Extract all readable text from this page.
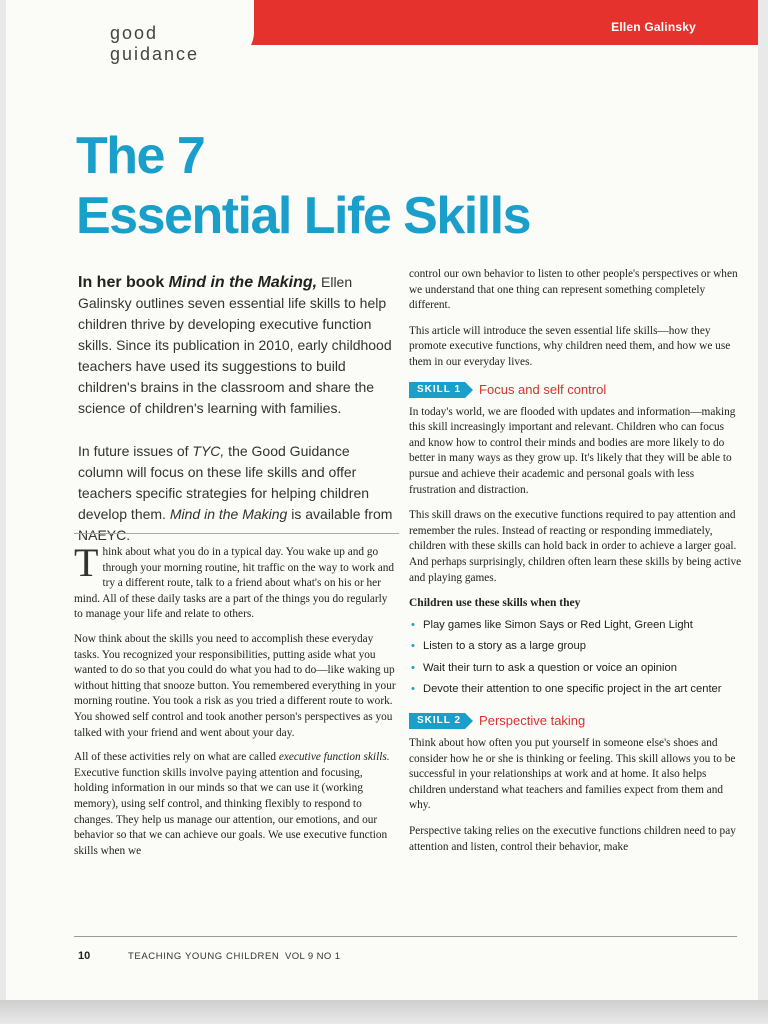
good guidance
Ellen Galinsky
The 7
Essential Life Skills
In her book Mind in the Making, Ellen Galinsky outlines seven essential life skills to help children thrive by developing executive function skills. Since its publication in 2010, early childhood teachers have used its suggestions to build children's brains in the classroom and share the science of children's learning with families.
In future issues of TYC, the Good Guidance column will focus on these life skills and offer teachers specific strategies for helping children develop them. Mind in the Making is available from NAEYC.

Think about what you do in a typical day. You wake up and go through your morning routine, hit traffic on the way to work and try a different route, talk to a friend about what's on his or her mind. All of these daily tasks are a part of the things you do regularly to manage your life and relate to others.

Now think about the skills you need to accomplish these everyday tasks. You recognized your responsibilities, putting aside what you wanted to do so that you could do what you had to do—like waking up without hitting that snooze button. You remembered everything in your morning routine. You took a risk as you tried a different route to work. You showed self control and took another person's perspectives as you talked with your friend and went about your day.

All of these activities rely on what are called executive function skills. Executive function skills involve paying attention and focusing, holding information in our minds so that we can use it (working memory), using self control, and thinking flexibly to respond to changes. They help us manage our attention, our emotions, and our behavior so that we can achieve our goals. We use executive function skills when we

control our own behavior to listen to other people's perspectives or when we understand that one thing can represent something completely different.

This article will introduce the seven essential life skills—how they promote executive functions, why children need them, and how we use them in our everyday lives.

SKILL 1	Focus and self control

In today's world, we are flooded with updates and information—making this skill increasingly important and relevant. Children who can focus and know how to control their minds and bodies are more likely to do better in many ways as they grow up. It's likely that they will be able to pursue and achieve their academic and personal goals with less frustration and distraction.

This skill draws on the executive functions required to pay attention and remember the rules. Instead of reacting or responding immediately, children with these skills can hold back in order to achieve a larger goal. And perhaps surprisingly, children often learn these skills by being active and playing games.

Children use these skills when they
• Play games like Simon Says or Red Light, Green Light
• Listen to a story as a large group
• Wait their turn to ask a question or voice an opinion
• Devote their attention to one specific project in the art center
SKILL 2	Perspective taking

Think about how often you put yourself in someone else's shoes and consider how he or she is thinking or feeling. This skill allows you to be successful in your relationships at work and at home. It also helps children understand what teachers and families expect from them and why.

Perspective taking relies on the executive functions children need to pay attention and listen, control their behavior, make

10	TEACHING YOUNG CHILDREN VOL 9 NO 1
